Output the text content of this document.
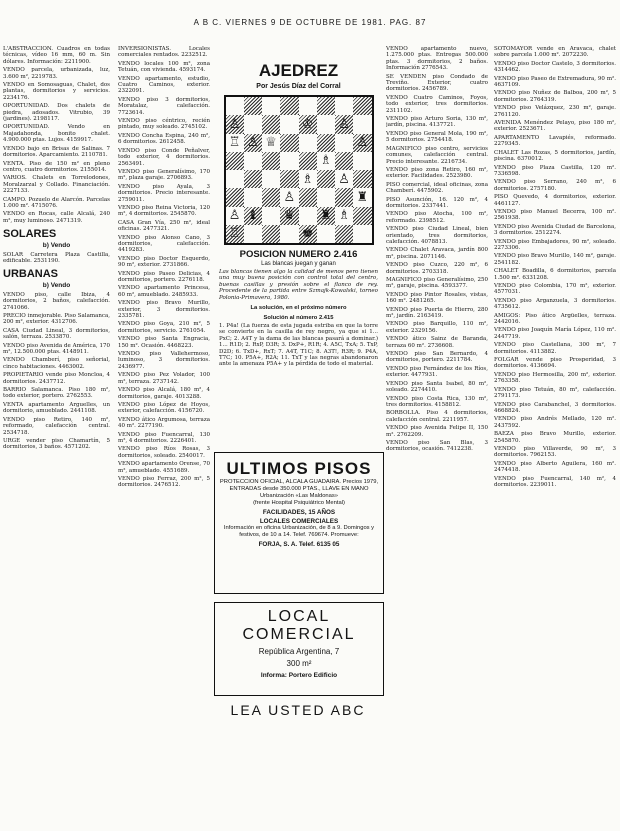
A B C. VIERNES 9 DE OCTUBRE DE 1981. PAG. 87

L'ABSTRACCION. Cuadros en todas técnicas, vídeo 16 mm, 60 m. Sin dólares. Información: 2211900.

VENDO parcela, urbanizada, luz, 3.600 m², 2219783.

VENDO en Somosaguas, Chalet, dos plantas, dormitorios y servicios. 2234176.

OPORTUNIDAD. Dos chalets de piedra, adosados. Vitrubio, 39 (jardines). 2198117.

OPORTUNIDAD. Vendo en Majadahonda, bonito chalet. 4.900.000 ptas. Lujos. 4159917.

VENDO bajo en Brisas de Salinas. 7 dormitorios. Aparcamiento. 2110781.

VENTA. Piso de 150 m² en pleno centro, cuatro dormitorios. 2155014.

VARIOS. Chalets en Torrelodones, Moralzarzal y Collado. Financiación. 2227133.

CAMPO. Pozuelo de Alarcón. Parcelas 1.000 m². 4715076.

VENDO en Rocas, calle Alcalá, 240 m², muy luminoso. 2471319.

SOLARES
b) Vendo

SOLAR Carretera Plaza Castilla, edificable. 2531190.

URBANAS
b) Vendo

VENDO piso, calle Ibiza, 4 dormitorios, 2 baños, calefacción. 2741066.

PRECIO inmejorable. Piso Salamanca, 200 m², exterior. 4312706.

CASA Ciudad Lineal, 3 dormitorios, salón, terraza. 2533870.

VENDO piso Avenida de América, 170 m², 12.500.000 ptas. 4148911.

VENDO Chamberí, piso señorial, cinco habitaciones. 4463002.

PROPIETARIO vende piso Moncloa, 4 dormitorios. 2437712.

BARRIO Salamanca. Piso 180 m², todo exterior, portero. 2762553.

VENTA apartamento Arguelles, un dormitorio, amueblado. 2441108.

VENDO piso Retiro, 140 m², reformado, calefacción central. 2534718.

URGE vender piso Chamartín, 5 dormitorios, 3 baños. 4571202.

INVERSIONISTAS. Locales comerciales rentados. 2232512.

VENDO locales 100 m², zona Tetuán, con vivienda. 4593174.

VENDO apartamento, estudio, Cuatro Caminos, exterior. 2322091.

VENDO piso 3 dormitorios, Moratalaz, calefacción. 7723614.

VENDO piso céntrico, recién pintado, muy soleado. 2745102.

VENDO Concha Espina, 240 m², 6 dormitorios. 2612458.

VENDO piso Conde Peñalver, todo exterior, 4 dormitorios. 2563491.

VENDO piso Generalísimo, 170 m², plaza garaje. 2706893.

VENDO piso Ayala, 3 dormitorios. Precio interesante. 2759011.

VENDO piso Reina Victoria, 120 m², 4 dormitorios. 2545870.

CASA Gran Vía, 250 m², ideal oficinas. 2477321.

VENDO piso Alonso Cano, 3 dormitorios, calefacción. 4419283.

VENDO piso Doctor Esquerdo, 90 m², exterior. 2731866.

VENDO piso Paseo Delicias, 4 dormitorios, portero. 2276118.

VENDO apartamento Princesa, 60 m², amueblado. 2485933.

VENDO piso Bravo Murillo, exterior, 3 dormitorios. 2335781.

VENDO piso Goya, 210 m², 5 dormitorios, servicio. 2761054.

VENDO piso Santa Engracia, 150 m². Ocasión. 4468223.

VENDO piso Vallehermoso, luminoso, 3 dormitorios. 2436977.

VENDO piso Pez Volador, 100 m², terraza. 2737142.

VENDO piso Alcalá, 180 m², 4 dormitorios, garaje. 4013288.

VENDO piso López de Hoyos, exterior, calefacción. 4156720.

VENDO ático Argumosa, terraza 40 m². 2277190.

VENDO piso Fuencarral, 130 m², 4 dormitorios. 2226401.

VENDO piso Ríos Rosas, 3 dormitorios, soleado. 2540017.

VENDO apartamento Orense, 70 m², amueblado. 4551689.

VENDO piso Ferraz, 200 m², 5 dormitorios. 2476512.

AJEDREZ
Por Jesús Díaz del Corral
♙	♔ ♙
♖ ♙ ♕	♙
♗
♗ ♙
♙	♜
♙ ♝ ♛ ♜ ♗
♖	♚
POSICION NUMERO 2.416
Las blancas juegan y ganan
Las blancas tienen algo la calidad de menos pero tienen una muy buena posición con control total del centro, buenas casillas y presión sobre el flanco de rey. Procedente de la partida entre Szmajk-Kowalski, torneo Polonia-Primavera, 1980.
La solución, en el próximo número
Solución al número 2.415
1. P4a! (La fuerza de esta jugada estriba en que la torre se convierte en la casilla de rey negro, ya que si 1... PxC; 2. A4T y la dama de las blancas pasará a dominar.) 1... R1D; 2. RxP, D3R; 3. DxP+, R1R; 4. A5C, TxA; 5. TxP, D2D; 6. TxD+, RxT; 7. A4T, T1C; 8. A3T!, R3R; 9. P4A, T7C; 10. P5A+, R2A; 11. TxT y las negras abandonaron ante la amenaza P5A+ y la pérdida de todo el material.
ULTIMOS PISOS
PROTECCION OFICIAL, ALCALA GUADAIRA. Precios 1979, ENTRADAS desde 350.000 PTAS., LLAVE EN MANO
Urbanización «Las Maldonas»
(frente Hospital Psiquiátrico Mental)
FACILIDADES, 15 AÑOS
LOCALES COMERCIALES
Información en oficina Urbanización, de 8 a 9. Domingos y festivos, de 10 a 14. Telef. 769674. Promueve:
FORJA, S. A. Telef. 6135 05
LOCAL COMERCIAL
República Argentina, 7
300 m²
Informa: Portero Edificio
LEA USTED ABC

VENDO apartamento nuevo, 1.275.000 ptas. Entregas 500.000 ptas. 3 dormitorios, 2 baños. Información 2776543.

SE VENDEN piso Condado de Treviño. Exterior, cuatro dormitorios. 2456789.

VENDO Cuatro Caminos, Foyos, todo exterior, tres dormitorios. 2311102.

VENDO piso Arturo Soria, 130 m², jardín, piscina. 4137721.

VENDO piso General Mola, 190 m², 5 dormitorios. 2754418.

MAGNIFICO piso centro, servicios comunes, calefacción central. Precio interesante. 2216734.

VENDO piso zona Retiro, 160 m², exterior. Facilidades. 2523980.

PISO comercial, ideal oficinas, zona Chamberí. 4475902.

PISO Asunción, 16. 120 m², 4 dormitorios. 2337441.

VENDO piso Atocha, 100 m², reformado. 2398512.

VENDO piso Ciudad Lineal, bien orientado, tres dormitorios, calefacción. 4078813.

VENDO Chalet Aravaca, jardín 800 m², piscina. 2071146.

VENDO piso Cuzco, 220 m², 6 dormitorios. 2703318.

MAGNIFICO piso Generalísimo, 250 m², garaje, piscina. 4593377.

VENDO piso Pintor Rosales, vistas, 160 m². 2481265.

VENDO piso Puerta de Hierro, 280 m², jardín. 2163419.

VENDO piso Barquillo, 110 m², exterior. 2329156.

VENDO ático Sainz de Baranda, terraza 60 m². 2736608.

VENDO piso San Bernardo, 4 dormitorios, portero. 2211784.

VENDO piso Fernández de los Ríos, exterior. 4477931.

VENDO piso Santa Isabel, 80 m², soleado. 2274410.

VENDO piso Costa Rica, 130 m², tres dormitorios. 4158812.

BORBOLLA. Piso 4 dormitorios, calefacción central. 2211957.

VENDO piso Avenida Felipe II, 150 m². 2762209.

VENDO piso San Blas, 3 dormitorios, ocasión. 7412238.

SOTOMAYOR vende en Aravaca, chalet sobre parcela 1.000 m². 2072230.

VENDO piso Doctor Castelo, 3 dormitorios. 4314462.

VENDO piso Paseo de Extremadura, 90 m². 4637109.

VENDO piso Nuñez de Balboa, 200 m², 5 dormitorios. 2764319.

VENDO piso Velázquez, 230 m², garaje. 2761120.

AVENIDA Menéndez Pelayo, piso 180 m², exterior. 2523671.

APARTAMENTO Lavapiés, reformado. 2279345.

CHALET Las Rozas, 5 dormitorios, jardín, piscina. 6370012.

VENDO piso Plaza Castilla, 120 m². 7336598.

VENDO piso Serrano, 240 m², 6 dormitorios. 2757180.

PISO Quevedo, 4 dormitorios, exterior. 4461127.

VENDO piso Manuel Becerra, 100 m². 2561938.

VENDO piso Avenida Ciudad de Barcelona, 3 dormitorios. 2512274.

VENDO piso Embajadores, 90 m², soleado. 2273306.

VENDO piso Bravo Murillo, 140 m², garaje. 2541182.

CHALET Boadilla, 6 dormitorios, parcela 1.500 m². 6331208.

VENDO piso Colombia, 170 m², exterior. 4577031.

VENDO piso Arganzuela, 3 dormitorios. 4735612.

AMIGOS: Piso ático Argüelles, terraza. 2442016.

VENDO piso Joaquín María López, 110 m². 2447719.

VENDO piso Castellana, 300 m², 7 dormitorios. 4113882.

FOLGAR vende piso Prosperidad, 3 dormitorios. 4136694.

VENDO piso Hermosilla, 200 m², exterior. 2763358.

VENDO piso Tetuán, 80 m², calefacción. 2791173.

VENDO piso Carabanchel, 3 dormitorios. 4668824.

VENDO piso Andrés Mellado, 120 m². 2437592.

BAEZA piso Bravo Murillo, exterior. 2545870.

VENDO piso Villaverde, 90 m², 3 dormitorios. 7962153.

VENDO piso Alberto Aguilera, 160 m². 2474418.

VENDO piso Fuencarral, 140 m², 4 dormitorios. 2239011.
